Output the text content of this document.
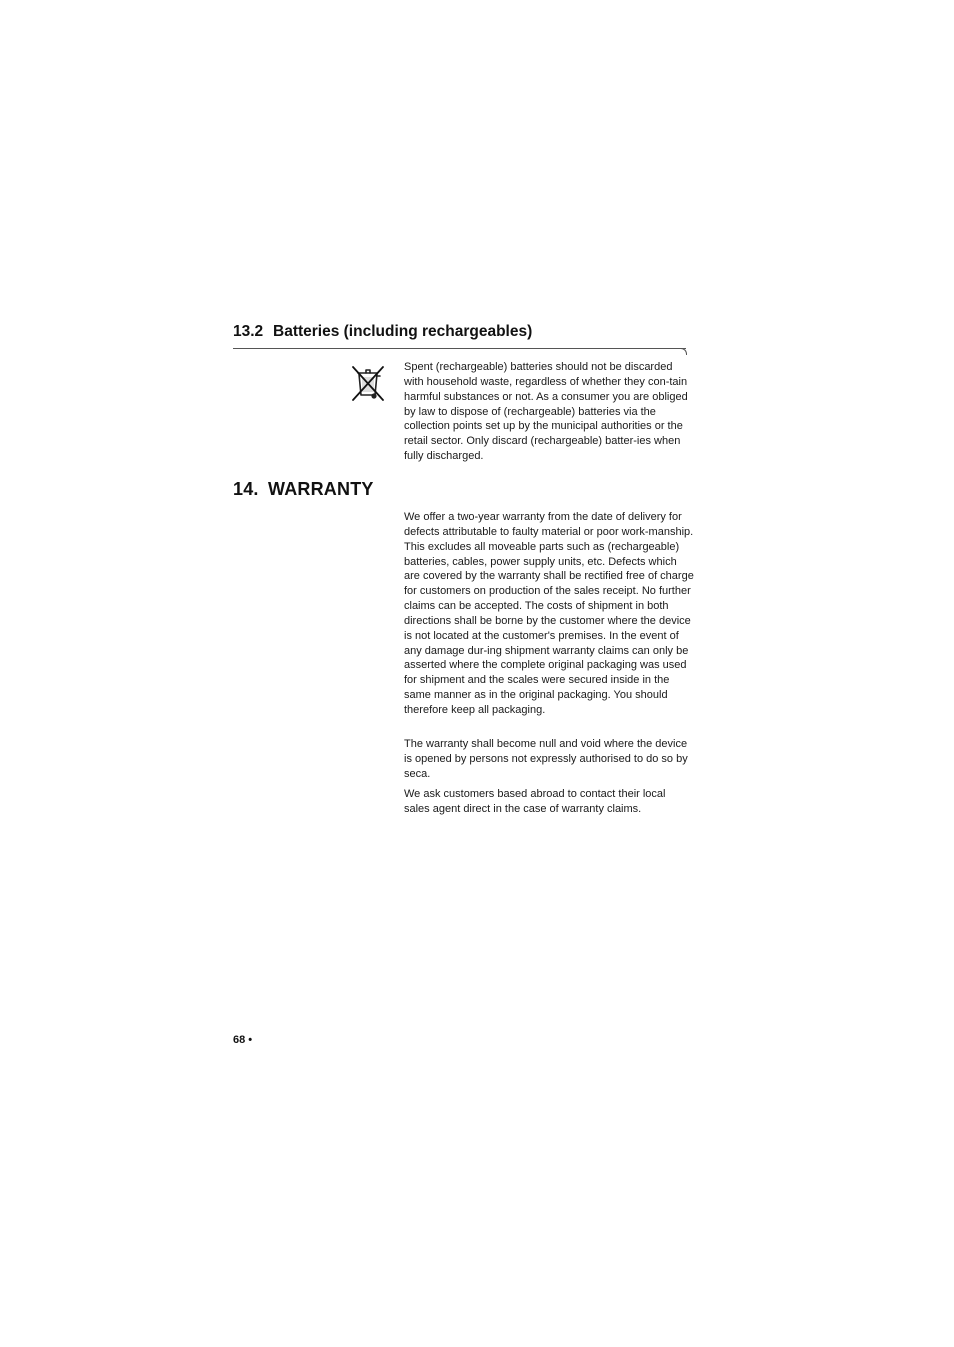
13.2 Batteries (including rechargeables)

Spent (rechargeable) batteries should not be discarded with household waste, regardless of whether they con-tain harmful substances or not. As a consumer you are obliged by law to dispose of (rechargeable) batteries via the collection points set up by the municipal authorities or the retail sector. Only discard (rechargeable) batter-ies when fully discharged.

14. WARRANTY

We offer a two-year warranty from the date of delivery for defects attributable to faulty material or poor work-manship. This excludes all moveable parts such as (rechargeable) batteries, cables, power supply units, etc. Defects which are covered by the warranty shall be rectified free of charge for customers on production of the sales receipt. No further claims can be accepted. The costs of shipment in both directions shall be borne by the customer where the device is not located at the customer's premises. In the event of any damage dur-ing shipment warranty claims can only be asserted where the complete original packaging was used for shipment and the scales were secured inside in the same manner as in the original packaging. You should therefore keep all packaging.

The warranty shall become null and void where the device is opened by persons not expressly authorised to do so by seca.

We ask customers based abroad to contact their local sales agent direct in the case of warranty claims.

68 •
